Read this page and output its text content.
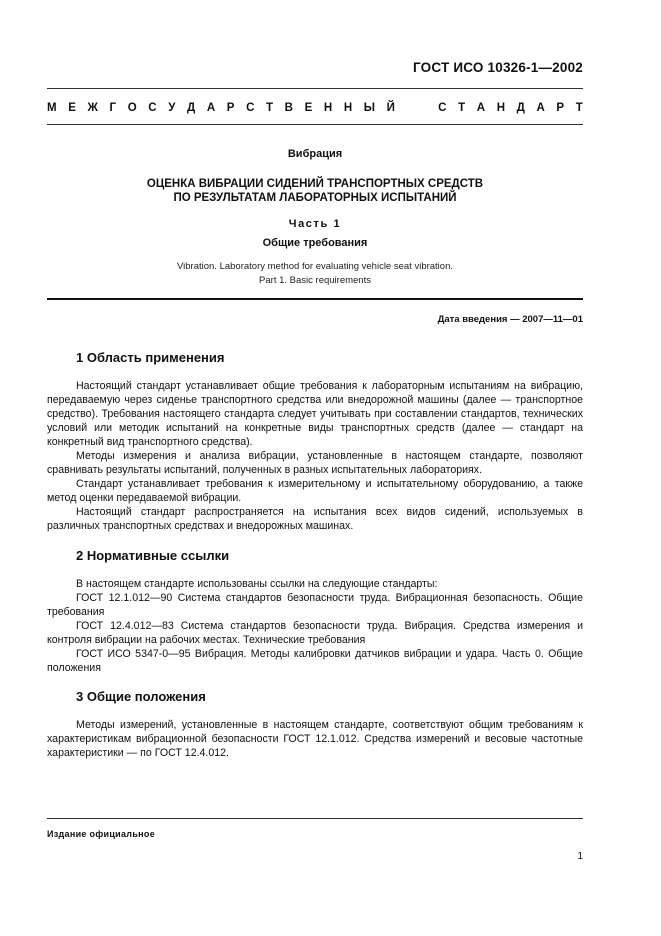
ГОСТ ИСО 10326-1—2002
М Е Ж Г О С У Д А Р С Т В Е Н Н Ы Й	С Т А Н Д А Р Т
Вибрация
ОЦЕНКА ВИБРАЦИИ СИДЕНИЙ ТРАНСПОРТНЫХ СРЕДСТВ
ПО РЕЗУЛЬТАТАМ ЛАБОРАТОРНЫХ ИСПЫТАНИЙ
Часть 1
Общие требования
Vibration. Laboratory method for evaluating vehicle seat vibration.
Part 1. Basic requirements
Дата введения — 2007—11—01
1 Область применения

Настоящий стандарт устанавливает общие требования к лабораторным испытаниям на вибрацию, передаваемую через сиденье транспортного средства или внедорожной машины (далее — транспортное средство). Требования настоящего стандарта следует учитывать при составлении стандартов, технических условий или методик испытаний на конкретные виды транспортных средств (далее — стандарт на конкретный вид транспортного средства).

Методы измерения и анализа вибрации, установленные в настоящем стандарте, позволяют сравнивать результаты испытаний, полученных в разных испытательных лабораториях.

Стандарт устанавливает требования к измерительному и испытательному оборудованию, а также метод оценки передаваемой вибрации.

Настоящий стандарт распространяется на испытания всех видов сидений, используемых в различных транспортных средствах и внедорожных машинах.

2 Нормативные ссылки

В настоящем стандарте использованы ссылки на следующие стандарты:

ГОСТ 12.1.012—90 Система стандартов безопасности труда. Вибрационная безопасность. Общие требования

ГОСТ 12.4.012—83 Система стандартов безопасности труда. Вибрация. Средства измерения и контроля вибрации на рабочих местах. Технические требования

ГОСТ ИСО 5347-0—95 Вибрация. Методы калибровки датчиков вибрации и удара. Часть 0. Общие положения

3 Общие положения

Методы измерений, установленные в настоящем стандарте, соответствуют общим требованиям к характеристикам вибрационной безопасности ГОСТ 12.1.012. Средства измерений и весовые частотные характеристики — по ГОСТ 12.4.012.

Издание официальное
1
